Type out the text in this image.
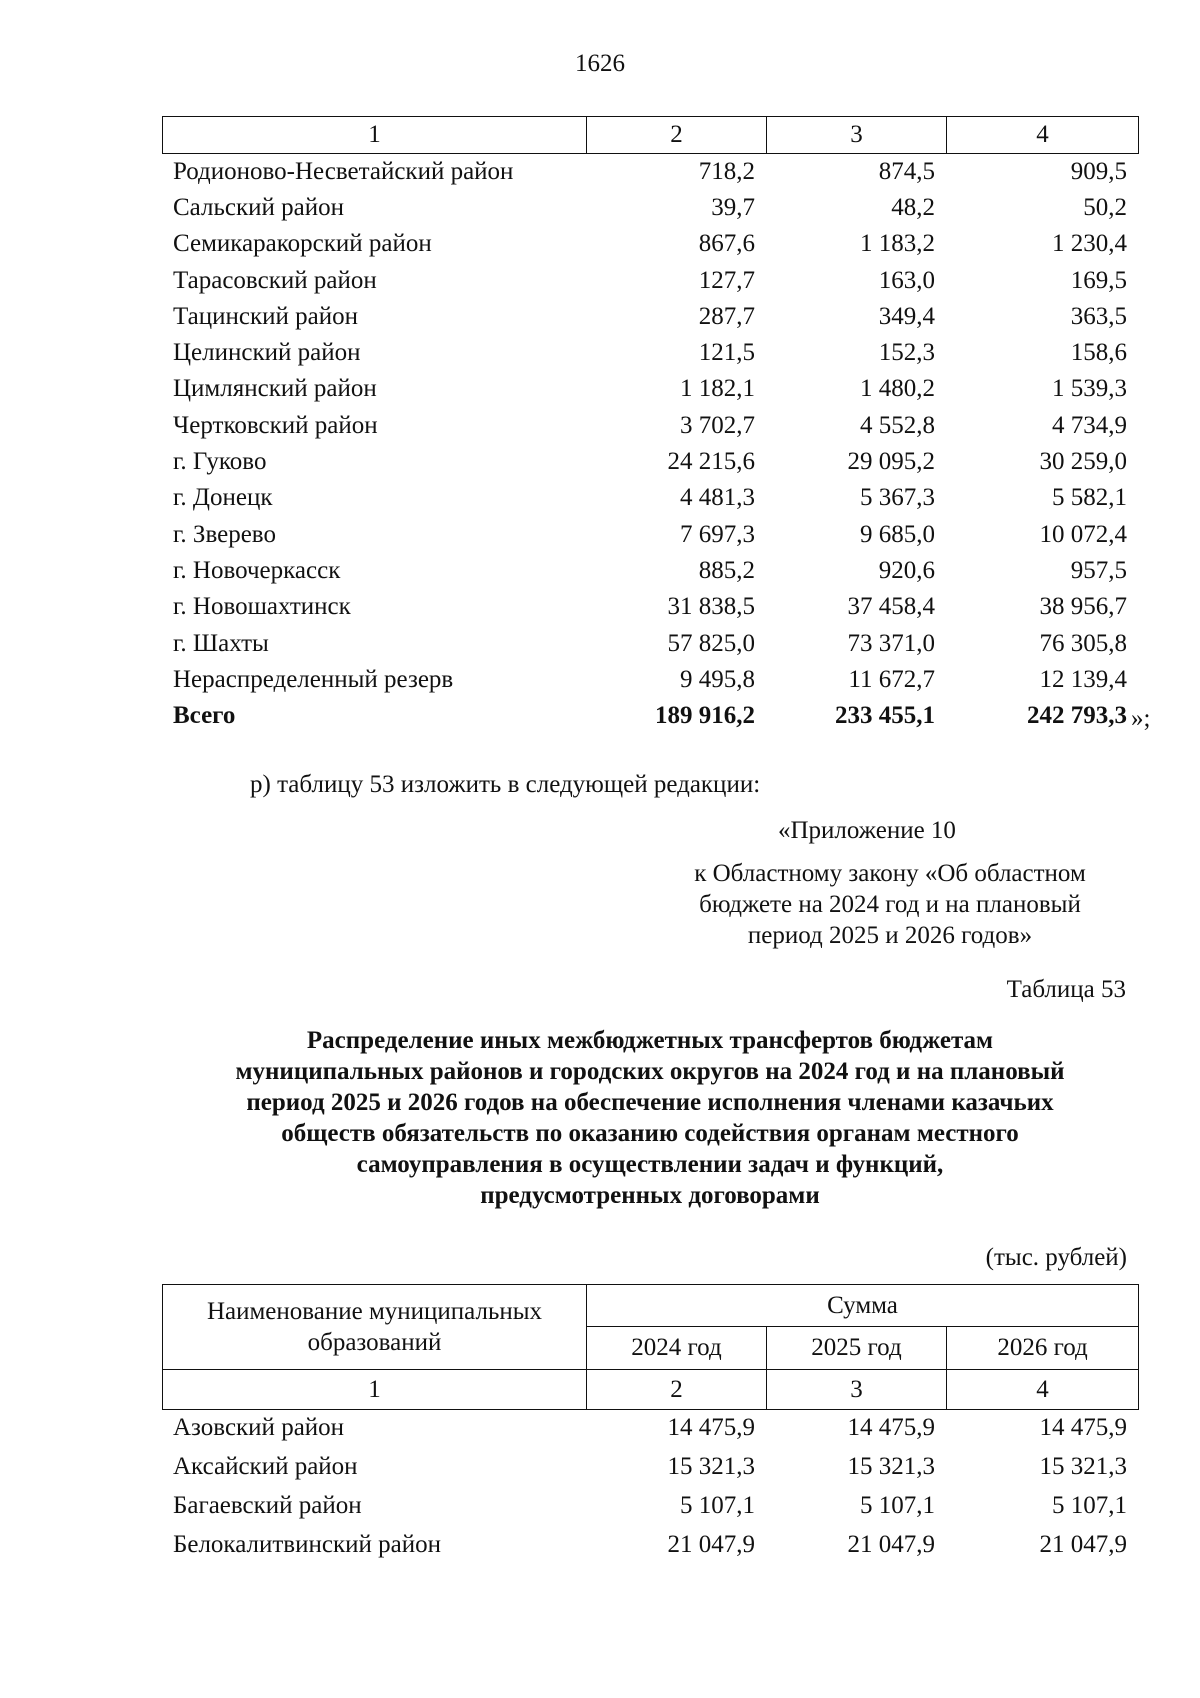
1626
1	2	3	4
Родионово-Несветайский район	718,2	874,5	909,5
Сальский район	39,7	48,2	50,2
Семикаракорский район	867,6	1 183,2	1 230,4
Тарасовский район	127,7	163,0	169,5
Тацинский район	287,7	349,4	363,5
Целинский район	121,5	152,3	158,6
Цимлянский район	1 182,1	1 480,2	1 539,3
Чертковский район	3 702,7	4 552,8	4 734,9
г. Гуково	24 215,6	29 095,2	30 259,0
г. Донецк	4 481,3	5 367,3	5 582,1
г. Зверево	7 697,3	9 685,0	10 072,4
г. Новочеркасск	885,2	920,6	957,5
г. Новошахтинск	31 838,5	37 458,4	38 956,7
г. Шахты	57 825,0	73 371,0	76 305,8
Нераспределенный резерв	9 495,8	11 672,7	12 139,4
Всего	189 916,2	233 455,1	242 793,3 »;
р) таблицу 53 изложить в следующей редакции:
«Приложение 10
к Областному закону «Об областном
бюджете на 2024 год и на плановый
период 2025 и 2026 годов»
Таблица 53
Распределение иных межбюджетных трансфертов бюджетам
муниципальных районов и городских округов на 2024 год и на плановый
период 2025 и 2026 годов на обеспечение исполнения членами казачьих
обществ обязательств по оказанию содействия органам местного
самоуправления в осуществлении задач и функций,
предусмотренных договорами
(тыс. рублей)
Наименование муниципальных
образований	Сумма		
	2024 год	2025 год	2026 год
1	2	3	4
Азовский район	14 475,9	14 475,9	14 475,9
Аксайский район	15 321,3	15 321,3	15 321,3
Багаевский район	5 107,1	5 107,1	5 107,1
Белокалитвинский район	21 047,9	21 047,9	21 047,9
